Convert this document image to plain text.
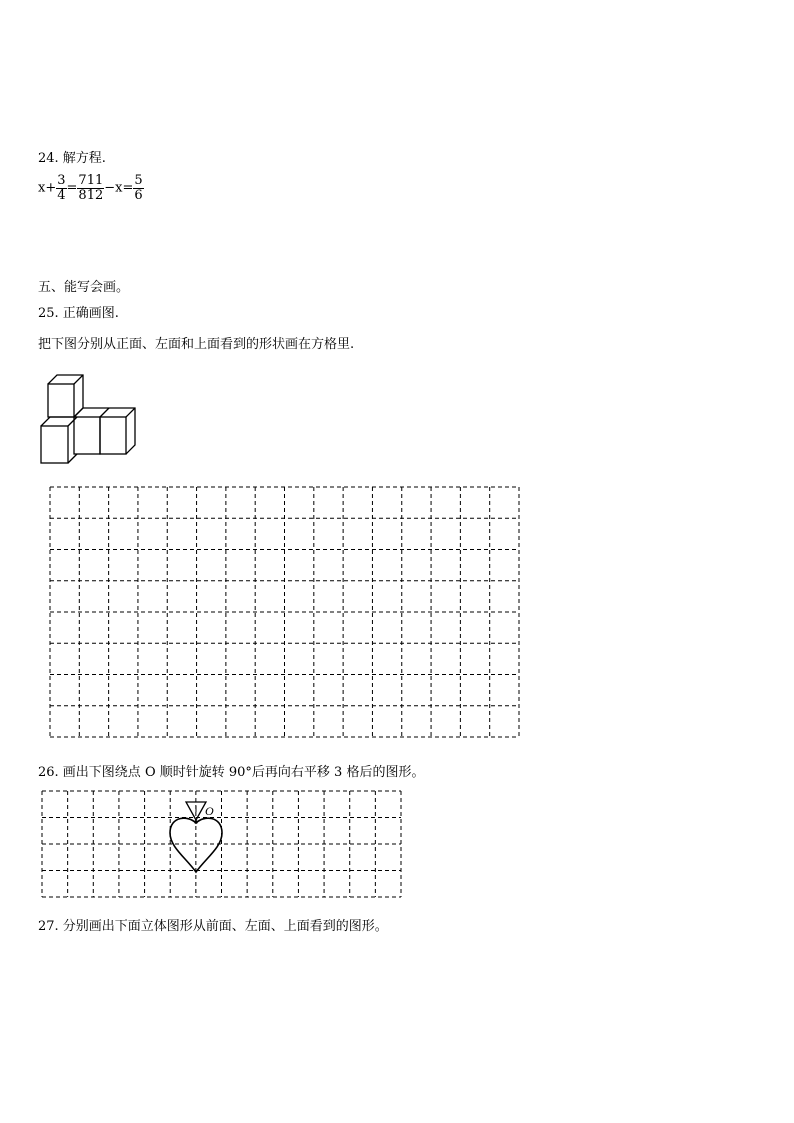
24. 解方程.
$x+ \frac{3}{4} = \frac{711}{812} -x= \frac{5}{6}$
五、能写会画。
25. 正确画图.
把下图分别从正面、左面和上面看到的形状画在方格里.
26. 画出下图绕点 O 顺时针旋转 90°后再向右平移 3 格后的图形。
O
27. 分别画出下面立体图形从前面、左面、上面看到的图形。
